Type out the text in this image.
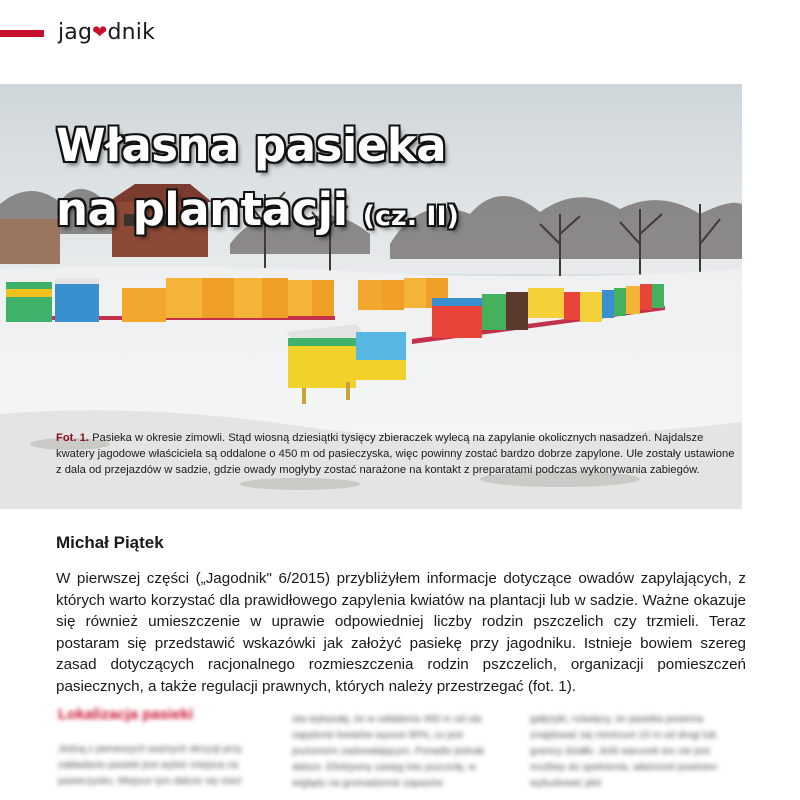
jag❤dnik
Własna pasieka
na plantacji (cz. II)
Fot. 1. Pasieka w okresie zimowli. Stąd wiosną dziesiątki tysięcy zbieraczek wylecą na zapylanie okolicznych nasadzeń. Najdalsze kwatery jagodowe właściciela są oddalone o 450 m od pasieczyska, więc powinny zostać bardzo dobrze zapylone. Ule zostały ustawione z dala od przejazdów w sadzie, gdzie owady mogłyby zostać narażone na kontakt z preparatami podczas wykonywania zabiegów.
Michał Piątek
W pierwszej części („Jagodnik" 6/2015) przybliżyłem informacje dotyczące owadów zapylających, z których warto korzystać dla prawidłowego zapylenia kwiatów na plantacji lub w sadzie. Ważne okazuje się również umieszczenie w uprawie odpowiedniej liczby rodzin pszczelich czy trzmieli. Teraz postaram się przedstawić wskazówki jak założyć pasiekę przy jagodniku. Istnieje bowiem szereg zasad dotyczących racjonalnego rozmieszczenia rodzin pszczelich, organizacji pomieszczeń pasiecznych, a także regulacji prawnych, których należy przestrzegać (fot. 1).
Lokalizacja pasieki
Jedną z pierwszych ważnych decyzji przy zakładaniu pasieki jest wybór miejsca na pasieczysko. Miejsce tym dalsze się mieć
ota wykazały, że w oddaleniu 460 m od ula zapylenie kwiatów wynosi 90%, co jest poziomem zadowalającym. Ponadto jednak dalsze. Efektywny zasięg lotu pszczoły, w wiglądu na gromadzenie zapasów
gałęzyki, roświęcy, że pasieka powinna znajdować się minimum 10 m od drogi lub granicy działki. Jeśli warunek ten nie jest możliwy do spełnienia, właściciel powinien wybudować płot
